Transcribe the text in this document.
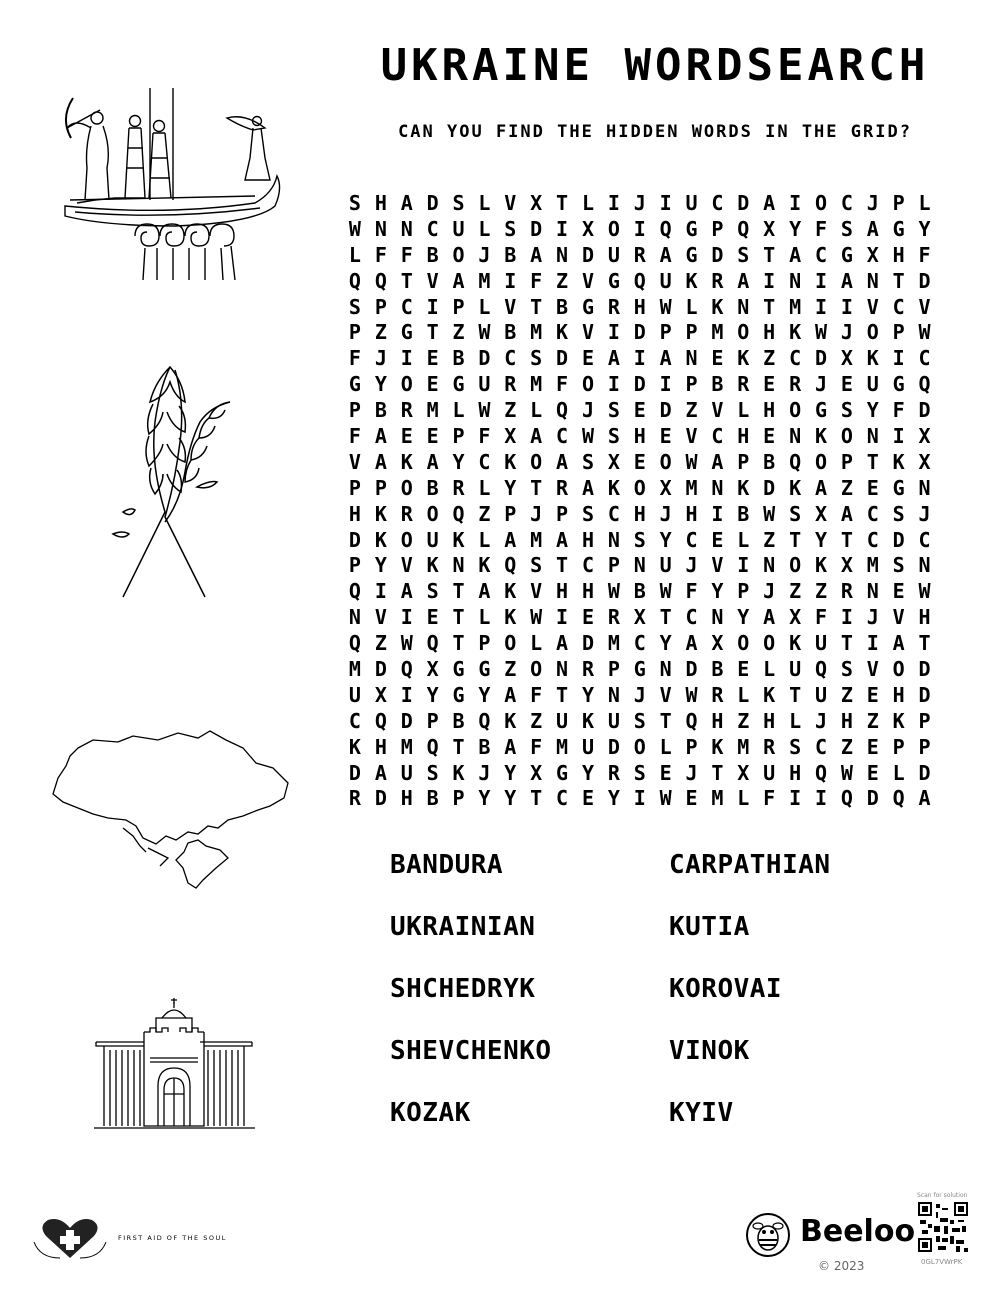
UKRAINE WORDSEARCH
CAN YOU FIND THE HIDDEN WORDS IN THE GRID?
S	H	A	D	S	L	V	X	T	L	I	J	I	U	C	D	A	I	O	C	J	P	L
W	N	N	C	U	L	S	D	I	X	O	I	Q	G	P	Q	X	Y	F	S	A	G	Y
L	F	F	B	O	J	B	A	N	D	U	R	A	G	D	S	T	A	C	G	X	H	F
Q	Q	T	V	A	M	I	F	Z	V	G	Q	U	K	R	A	I	N	I	A	N	T	D
S	P	C	I	P	L	V	T	B	G	R	H	W	L	K	N	T	M	I	I	V	C	V
P	Z	G	T	Z	W	B	M	K	V	I	D	P	P	M	O	H	K	W	J	O	P	W
F	J	I	E	B	D	C	S	D	E	A	I	A	N	E	K	Z	C	D	X	K	I	C
G	Y	O	E	G	U	R	M	F	O	I	D	I	P	B	R	E	R	J	E	U	G	Q
P	B	R	M	L	W	Z	L	Q	J	S	E	D	Z	V	L	H	O	G	S	Y	F	D
F	A	E	E	P	F	X	A	C	W	S	H	E	V	C	H	E	N	K	O	N	I	X
V	A	K	A	Y	C	K	O	A	S	X	E	O	W	A	P	B	Q	O	P	T	K	X
P	P	O	B	R	L	Y	T	R	A	K	O	X	M	N	K	D	K	A	Z	E	G	N
H	K	R	O	Q	Z	P	J	P	S	C	H	J	H	I	B	W	S	X	A	C	S	J
D	K	O	U	K	L	A	M	A	H	N	S	Y	C	E	L	Z	T	Y	T	C	D	C
P	Y	V	K	N	K	Q	S	T	C	P	N	U	J	V	I	N	O	K	X	M	S	N
Q	I	A	S	T	A	K	V	H	H	W	B	W	F	Y	P	J	Z	Z	R	N	E	W
N	V	I	E	T	L	K	W	I	E	R	X	T	C	N	Y	A	X	F	I	J	V	H
Q	Z	W	Q	T	P	O	L	A	D	M	C	Y	A	X	O	O	K	U	T	I	A	T
M	D	Q	X	G	G	Z	O	N	R	P	G	N	D	B	E	L	U	Q	S	V	O	D
U	X	I	Y	G	Y	A	F	T	Y	N	J	V	W	R	L	K	T	U	Z	E	H	D
C	Q	D	P	B	Q	K	Z	U	K	U	S	T	Q	H	Z	H	L	J	H	Z	K	P
K	H	M	Q	T	B	A	F	M	U	D	O	L	P	K	M	R	S	C	Z	E	P	P
D	A	U	S	K	J	Y	X	G	Y	R	S	E	J	T	X	U	H	Q	W	E	L	D
R	D	H	B	P	Y	Y	T	C	E	Y	I	W	E	M	L	F	I	I	Q	D	Q	A
BANDURA
UKRAINIAN
SHCHEDRYK
SHEVCHENKO
KOZAK
CARPATHIAN
KUTIA
KOROVAI
VINOK
KYIV
FIRST AID OF THE SOUL	Beeloo
© 2023
Scan for solution
0GL7VWrPK
